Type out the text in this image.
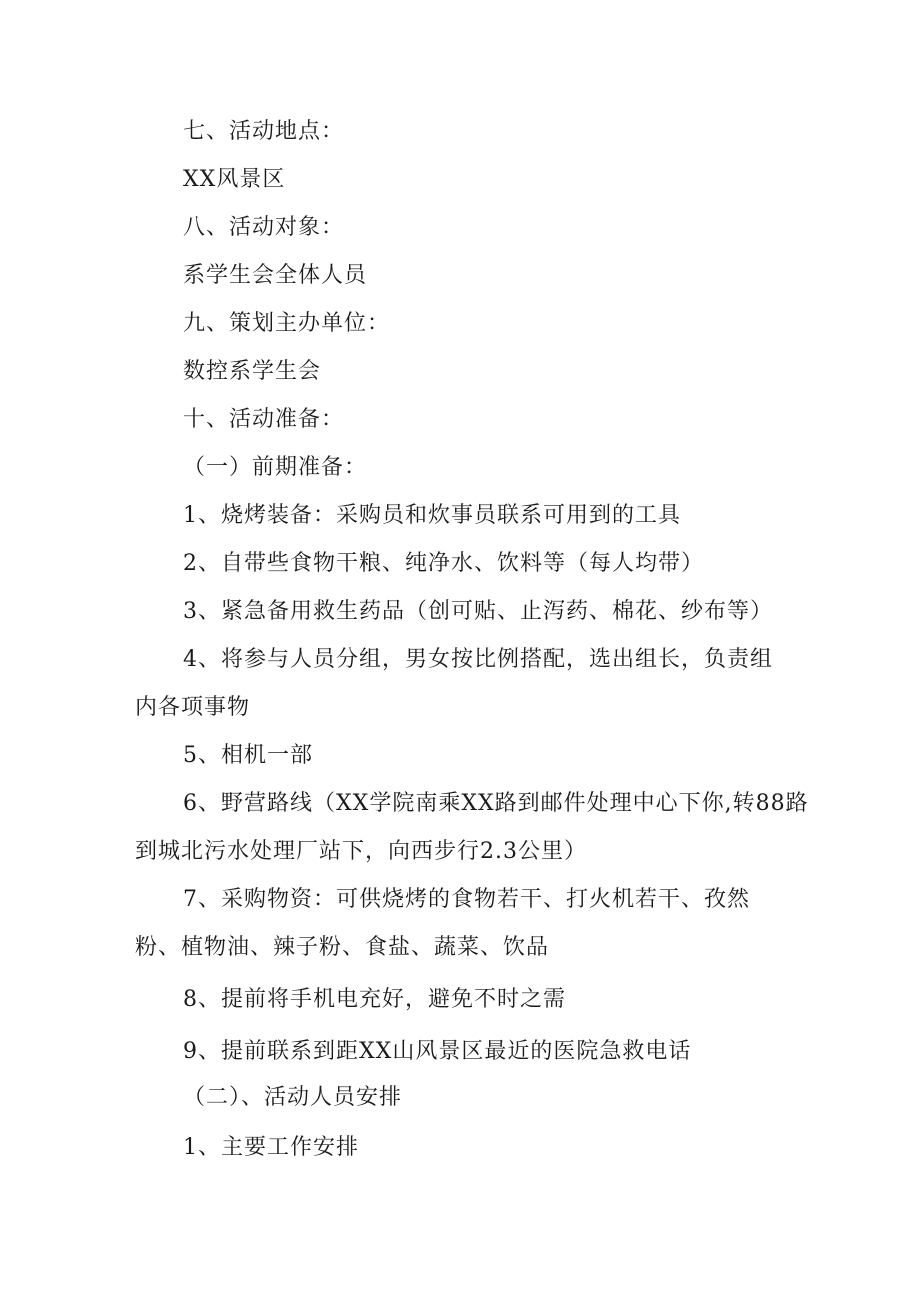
七、活动地点：
XX风景区
八、活动对象：
系学生会全体人员
九、策划主办单位：
数控系学生会
十、活动准备：
（一）前期准备：
1、烧烤装备：采购员和炊事员联系可用到的工具
2、自带些食物干粮、纯净水、饮料等（每人均带）
3、紧急备用救生药品（创可贴、止泻药、棉花、纱布等）
4、将参与人员分组，男女按比例搭配，选出组长，负责组
内各项事物
5、相机一部
6、野营路线（XX学院南乘XX路到邮件处理中心下你,转88路
到城北污水处理厂站下，向西步行2.3公里）
7、采购物资：可供烧烤的食物若干、打火机若干、孜然
粉、植物油、辣子粉、食盐、蔬菜、饮品
8、提前将手机电充好，避免不时之需
9、提前联系到距XX山风景区最近的医院急救电话
（二）、活动人员安排
1、主要工作安排
